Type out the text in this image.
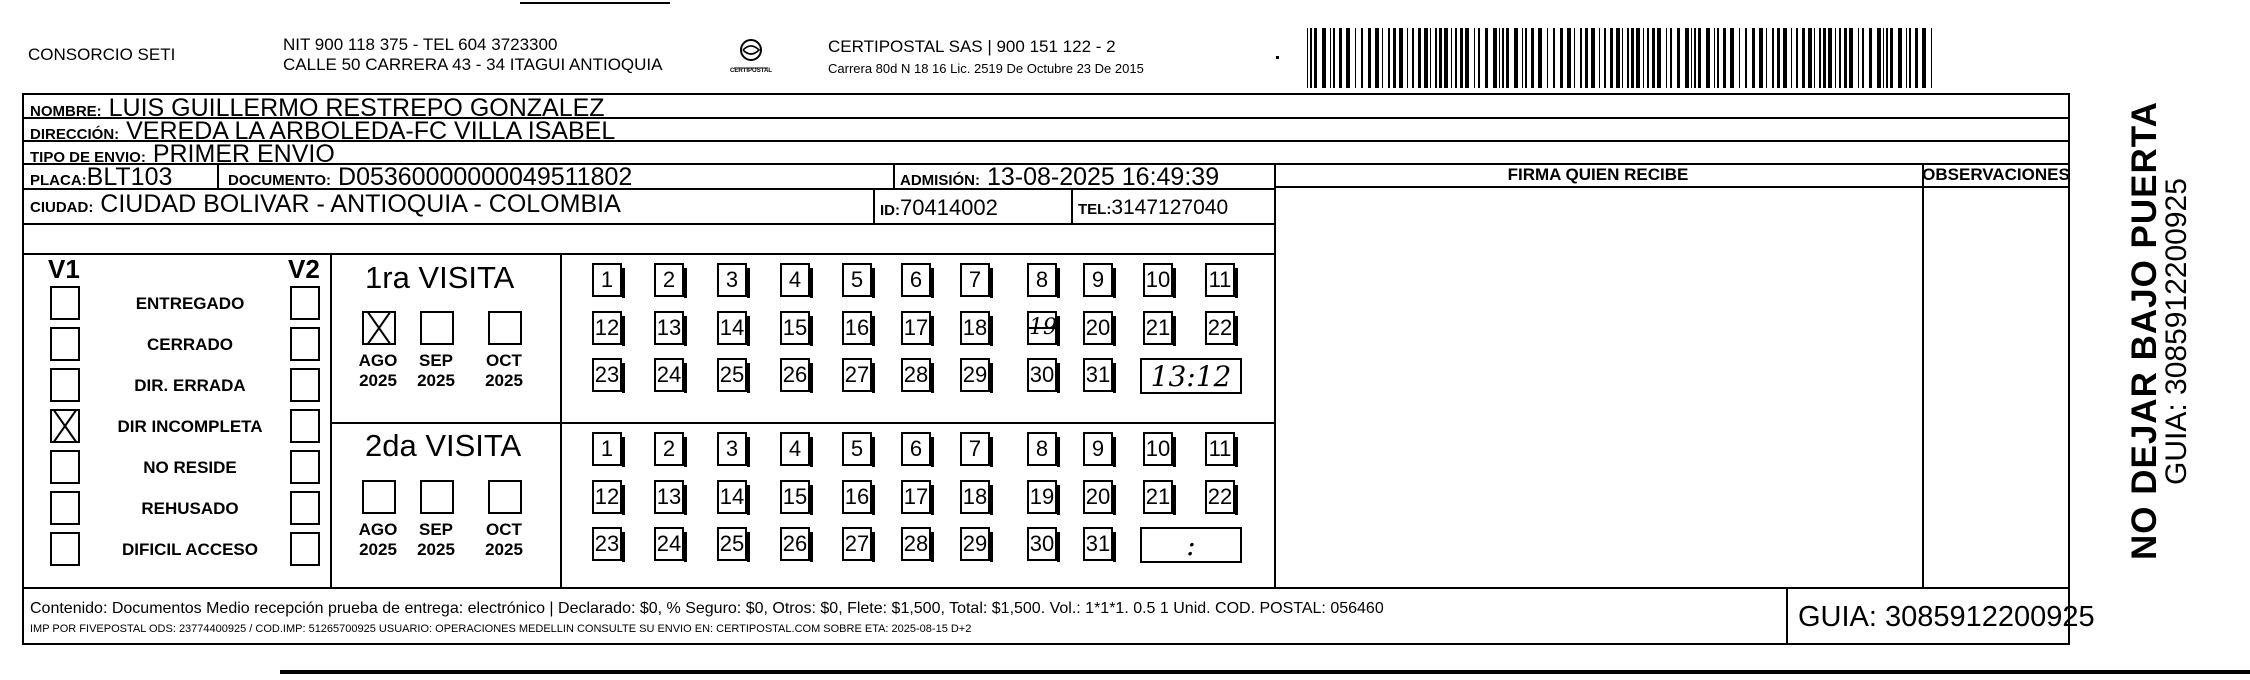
CONSORCIO SETI
NIT 900 118 375 - TEL 604 3723300
CALLE 50 CARRERA 43 - 34 ITAGUI ANTIOQUIA	CERTIPOSTAL
CERTIPOSTAL SAS | 900 151 122 - 2
Carrera 80d N 18 16 Lic. 2519 De Octubre 23 De 2015
NOMBRE: LUIS GUILLERMO RESTREPO GONZALEZ
DIRECCIÓN: VEREDA LA ARBOLEDA-FC VILLA ISABEL
TIPO DE ENVIO: PRIMER ENVIO
PLACA:BLT103	DOCUMENTO: D05360000000049511802	ADMISIÓN: 13-08-2025 16:49:39
CIUDAD: CIUDAD BOLIVAR - ANTIOQUIA - COLOMBIA	ID:70414002	TEL:3147127040
FIRMA QUIEN RECIBE	OBSERVACIONES
V1	V2
ENTREGADO
CERRADO
DIR. ERRADA
DIR INCOMPLETA
NO RESIDE
REHUSADO
DIFICIL ACCESO
1ra VISITA
AGO
2025
SEP
2025
OCT
2025
1	2	3	4	5	6	7	8	9	10 11
12 13 14 15 16 17 18 19 20 21 22
23 24 25 26 27 28 29 30 31	13:12
2da VISITA
AGO
2025
SEP
2025
OCT
2025
1	2	3	4	5	6	7	8	9	10 11
12 13 14 15 16 17 18 19 20 21 22
23 24 25 26 27 28 29 30 31	:
Contenido: Documentos Medio recepción prueba de entrega: electrónico | Declarado: $0, % Seguro: $0, Otros: $0, Flete: $1,500, Total: $1,500. Vol.: 1*1*1. 0.5 1 Unid. COD. POSTAL: 056460
IMP POR FIVEPOSTAL ODS: 23774400925 / COD.IMP: 51265700925 USUARIO: OPERACIONES MEDELLIN CONSULTE SU ENVIO EN: CERTIPOSTAL.COM SOBRE ETA: 2025-08-15 D+2	GUIA: 3085912200925
NO DEJAR BAJO PUERTA
GUIA: 3085912200925
